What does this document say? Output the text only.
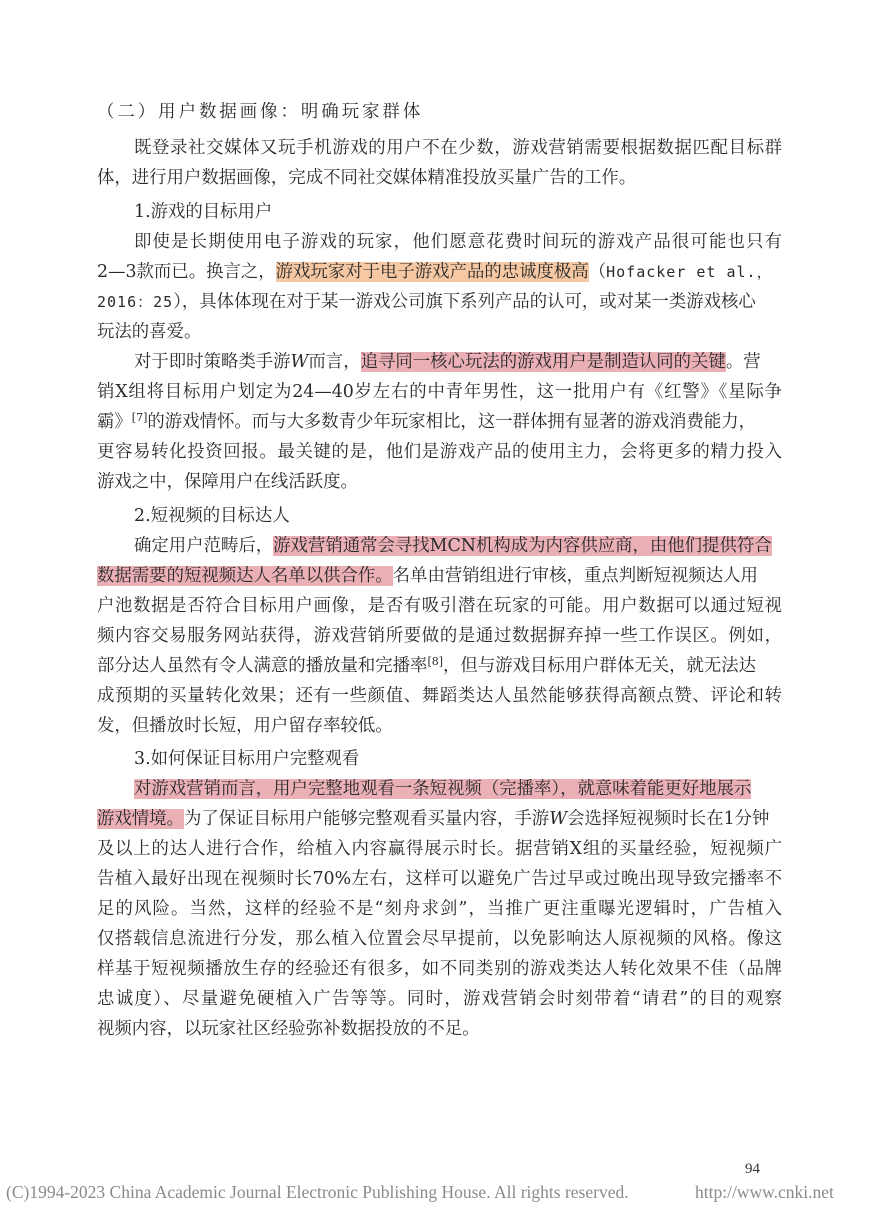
（二）用户数据画像：明确玩家群体
既登录社交媒体又玩手机游戏的用户不在少数，游戏营销需要根据数据匹配目标群
体，进行用户数据画像，完成不同社交媒体精准投放买量广告的工作。
1.游戏的目标用户
即使是长期使用电子游戏的玩家，他们愿意花费时间玩的游戏产品很可能也只有
2—3款而已。换言之，游戏玩家对于电子游戏产品的忠诚度极高（Hofacker et al.，
2016：25），具体体现在对于某一游戏公司旗下系列产品的认可，或对某一类游戏核心
玩法的喜爱。
对于即时策略类手游W而言，追寻同一核心玩法的游戏用户是制造认同的关键。营
销X组将目标用户划定为24—40岁左右的中青年男性，这一批用户有《红警》《星际争
霸》[7]的游戏情怀。而与大多数青少年玩家相比，这一群体拥有显著的游戏消费能力，
更容易转化投资回报。最关键的是，他们是游戏产品的使用主力，会将更多的精力投入
游戏之中，保障用户在线活跃度。
2.短视频的目标达人
确定用户范畴后，游戏营销通常会寻找MCN机构成为内容供应商，由他们提供符合
数据需要的短视频达人名单以供合作。名单由营销组进行审核，重点判断短视频达人用
户池数据是否符合目标用户画像，是否有吸引潜在玩家的可能。用户数据可以通过短视
频内容交易服务网站获得，游戏营销所要做的是通过数据摒弃掉一些工作误区。例如，
部分达人虽然有令人满意的播放量和完播率[8]，但与游戏目标用户群体无关，就无法达
成预期的买量转化效果；还有一些颜值、舞蹈类达人虽然能够获得高额点赞、评论和转
发，但播放时长短，用户留存率较低。
3.如何保证目标用户完整观看
对游戏营销而言，用户完整地观看一条短视频（完播率），就意味着能更好地展示
游戏情境。为了保证目标用户能够完整观看买量内容，手游W会选择短视频时长在1分钟
及以上的达人进行合作，给植入内容赢得展示时长。据营销X组的买量经验，短视频广
告植入最好出现在视频时长70%左右，这样可以避免广告过早或过晚出现导致完播率不
足的风险。当然，这样的经验不是“刻舟求剑”，当推广更注重曝光逻辑时，广告植入
仅搭载信息流进行分发，那么植入位置会尽早提前，以免影响达人原视频的风格。像这
样基于短视频播放生存的经验还有很多，如不同类别的游戏类达人转化效果不佳（品牌
忠诚度）、尽量避免硬植入广告等等。同时，游戏营销会时刻带着“请君”的目的观察
视频内容，以玩家社区经验弥补数据投放的不足。
94
(C)1994-2023 China Academic Journal Electronic Publishing House. All rights reserved.	http://www.cnki.net
